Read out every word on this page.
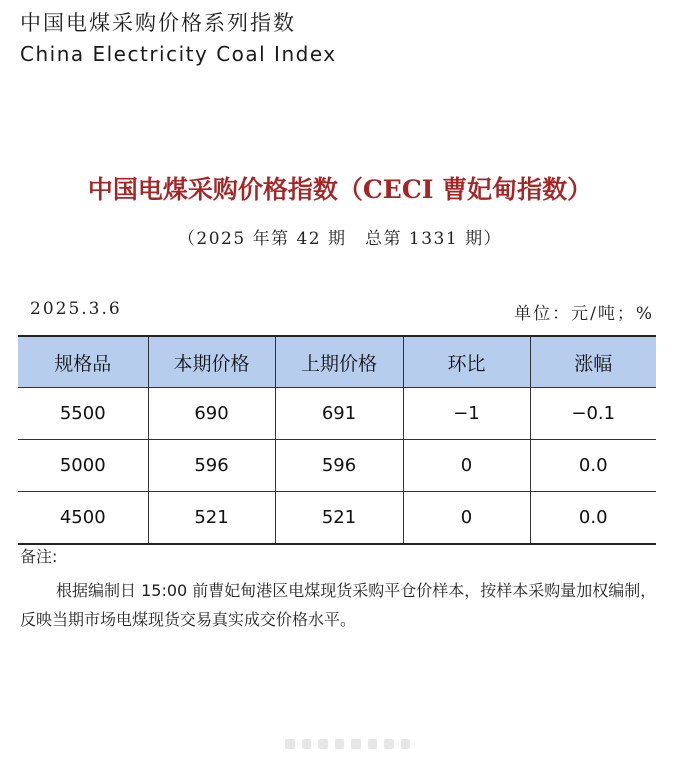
中国电煤采购价格系列指数
China Electricity Coal Index
中国电煤采购价格指数（CECI 曹妃甸指数）
（2025 年第 42 期　总第 1331 期）
2025.3.6	单位：元/吨；%
规格品	本期价格	上期价格	环比	涨幅
5500	690	691	−1	−0.1
5000	596	596	0	0.0
4500	521	521	0	0.0
备注:
根据编制日 15:00 前曹妃甸港区电煤现货采购平仓价样本，按样本采购量加权编制，反映当期市场电煤现货交易真实成交价格水平。
